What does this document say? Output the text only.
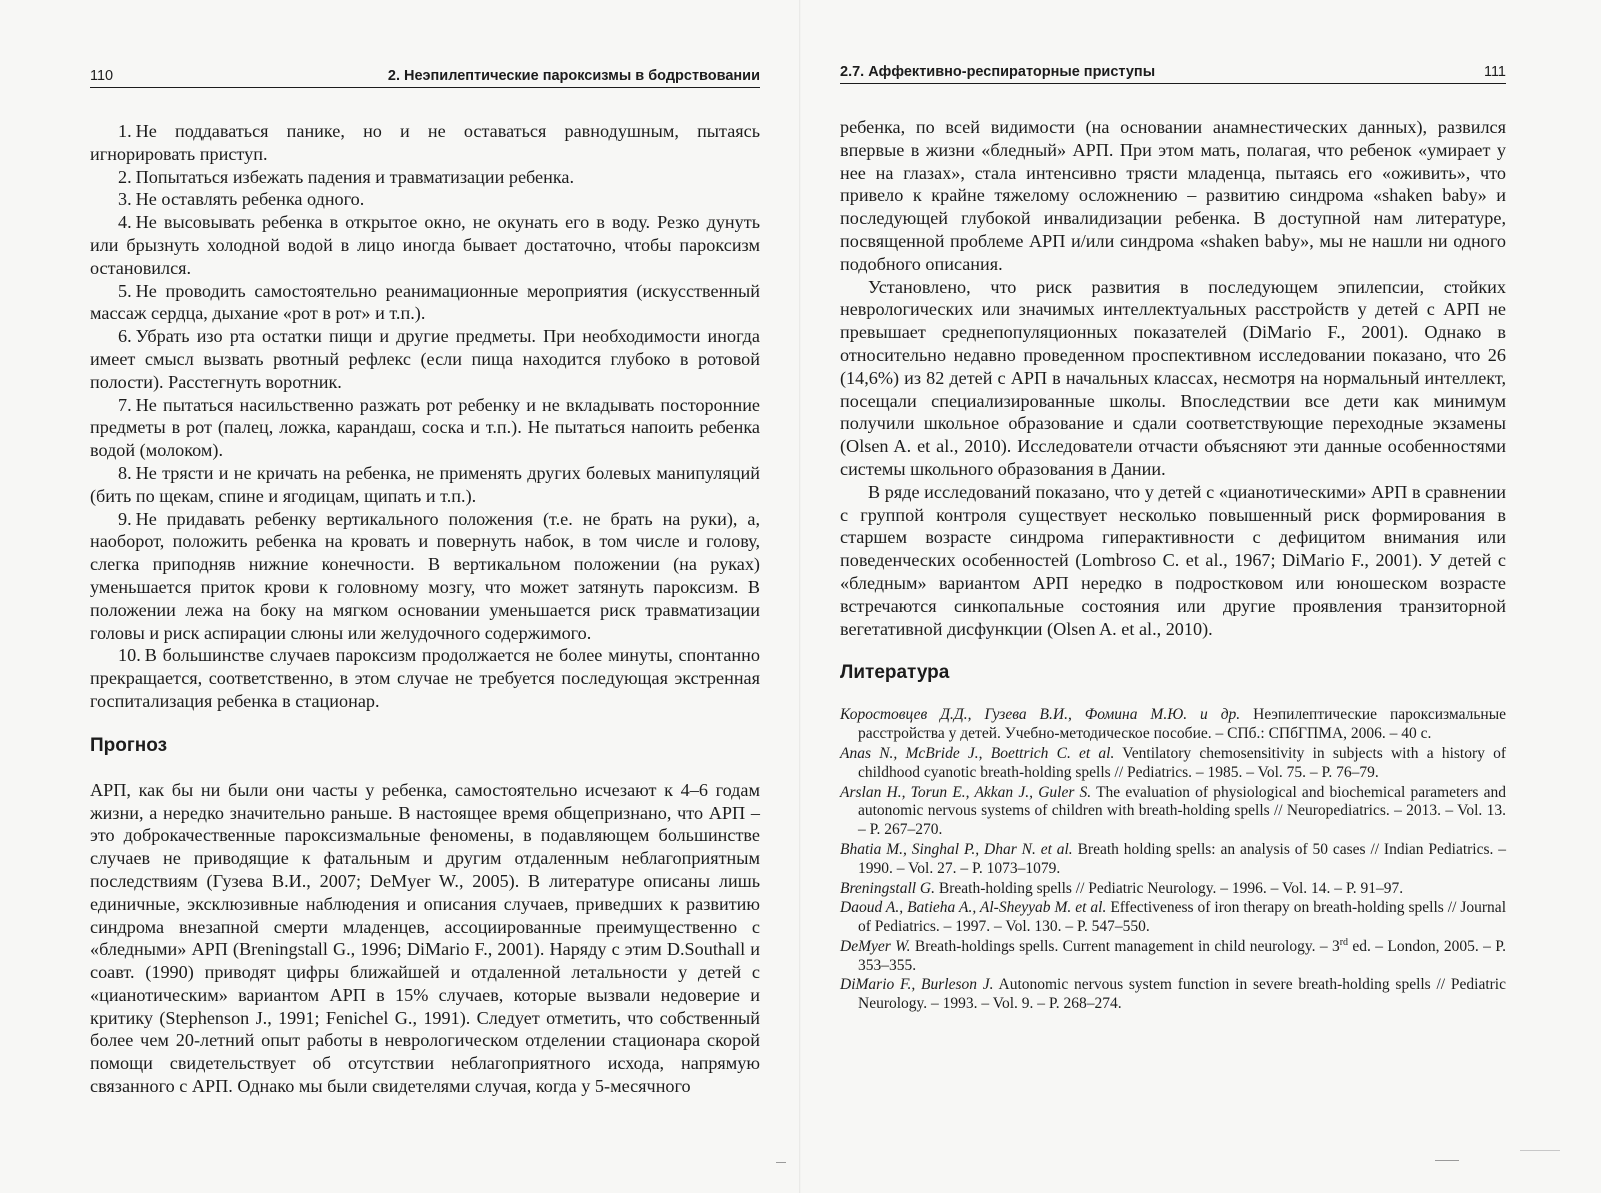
110	2. Неэпилептические пароксизмы в бодрствовании

1. Не поддаваться панике, но и не оставаться равнодушным, пытаясь игнорировать приступ.

2. Попытаться избежать падения и травматизации ребенка.

3. Не оставлять ребенка одного.

4. Не высовывать ребенка в открытое окно, не окунать его в воду. Резко дунуть или брызнуть холодной водой в лицо иногда бывает достаточно, чтобы пароксизм остановился.

5. Не проводить самостоятельно реанимационные мероприятия (искусственный массаж сердца, дыхание «рот в рот» и т.п.).

6. Убрать изо рта остатки пищи и другие предметы. При необходимости иногда имеет смысл вызвать рвотный рефлекс (если пища находится глубоко в ротовой полости). Расстегнуть воротник.

7. Не пытаться насильственно разжать рот ребенку и не вкладывать посторонние предметы в рот (палец, ложка, карандаш, соска и т.п.). Не пытаться напоить ребенка водой (молоком).

8. Не трясти и не кричать на ребенка, не применять других болевых манипуляций (бить по щекам, спине и ягодицам, щипать и т.п.).

9. Не придавать ребенку вертикального положения (т.е. не брать на руки), а, наоборот, положить ребенка на кровать и повернуть набок, в том числе и голову, слегка приподняв нижние конечности. В вертикальном положении (на руках) уменьшается приток крови к головному мозгу, что может затянуть пароксизм. В положении лежа на боку на мягком основании уменьшается риск травматизации головы и риск аспирации слюны или желудочного содержимого.

10. В большинстве случаев пароксизм продолжается не более минуты, спонтанно прекращается, соответственно, в этом случае не требуется последующая экстренная госпитализация ребенка в стационар.

Прогноз

АРП, как бы ни были они часты у ребенка, самостоятельно исчезают к 4–6 годам жизни, а нередко значительно раньше. В настоящее время общепризнано, что АРП – это доброкачественные пароксизмальные феномены, в подавляющем большинстве случаев не приводящие к фатальным и другим отдаленным неблагоприятным последствиям (Гузева В.И., 2007; DeMyer W., 2005). В литературе описаны лишь единичные, эксклюзивные наблюдения и описания случаев, приведших к развитию синдрома внезапной смерти младенцев, ассоциированные преимущественно с «бледными» АРП (Breningstall G., 1996; DiMario F., 2001). Наряду с этим D.Southall и соавт. (1990) приводят цифры ближайшей и отдаленной летальности у детей с «цианотическим» вариантом АРП в 15% случаев, которые вызвали недоверие и критику (Stephenson J., 1991; Fenichel G., 1991). Следует отметить, что собственный более чем 20-летний опыт работы в неврологическом отделении стационара скорой помощи свидетельствует об отсутствии неблагоприятного исхода, напрямую связанного с АРП. Однако мы были свидетелями случая, когда у 5-месячного

2.7. Аффективно-респираторные приступы	111

ребенка, по всей видимости (на основании анамнестических данных), развился впервые в жизни «бледный» АРП. При этом мать, полагая, что ребенок «умирает у нее на глазах», стала интенсивно трясти младенца, пытаясь его «оживить», что привело к крайне тяжелому осложнению – развитию синдрома «shaken baby» и последующей глубокой инвалидизации ребенка. В доступной нам литературе, посвященной проблеме АРП и/или синдрома «shaken baby», мы не нашли ни одного подобного описания.

Установлено, что риск развития в последующем эпилепсии, стойких неврологических или значимых интеллектуальных расстройств у детей с АРП не превышает среднепопуляционных показателей (DiMario F., 2001). Однако в относительно недавно проведенном проспективном исследовании показано, что 26 (14,6%) из 82 детей с АРП в начальных классах, несмотря на нормальный интеллект, посещали специализированные школы. Впоследствии все дети как минимум получили школьное образование и сдали соответствующие переходные экзамены (Olsen A. et al., 2010). Исследователи отчасти объясняют эти данные особенностями системы школьного образования в Дании.

В ряде исследований показано, что у детей с «цианотическими» АРП в сравнении с группой контроля существует несколько повышенный риск формирования в старшем возрасте синдрома гиперактивности с дефицитом внимания или поведенческих особенностей (Lombroso C. et al., 1967; DiMario F., 2001). У детей с «бледным» вариантом АРП нередко в подростковом или юношеском возрасте встречаются синкопальные состояния или другие проявления транзиторной вегетативной дисфункции (Olsen A. et al., 2010).

Литература

Коростовцев Д.Д., Гузева В.И., Фомина М.Ю. и др. Неэпилептические пароксизмальные расстройства у детей. Учебно-методическое пособие. – СПб.: СПбГПМА, 2006. – 40 с.

Anas N., McBride J., Boettrich C. et al. Ventilatory chemosensitivity in subjects with a history of childhood cyanotic breath-holding spells // Pediatrics. – 1985. – Vol. 75. – P. 76–79.

Arslan H., Torun E., Akkan J., Guler S. The evaluation of physiological and biochemical parameters and autonomic nervous systems of children with breath-holding spells // Neuropediatrics. – 2013. – Vol. 13. – P. 267–270.

Bhatia M., Singhal P., Dhar N. et al. Breath holding spells: an analysis of 50 cases // Indian Pediatrics. – 1990. – Vol. 27. – P. 1073–1079.

Breningstall G. Breath-holding spells // Pediatric Neurology. – 1996. – Vol. 14. – P. 91–97.

Daoud A., Batieha A., Al-Sheyyab M. et al. Effectiveness of iron therapy on breath-holding spells // Journal of Pediatrics. – 1997. – Vol. 130. – P. 547–550.

DeMyer W. Breath-holdings spells. Current management in child neurology. – 3rd ed. – London, 2005. – P. 353–355.

DiMario F., Burleson J. Autonomic nervous system function in severe breath-holding spells // Pediatric Neurology. – 1993. – Vol. 9. – P. 268–274.
